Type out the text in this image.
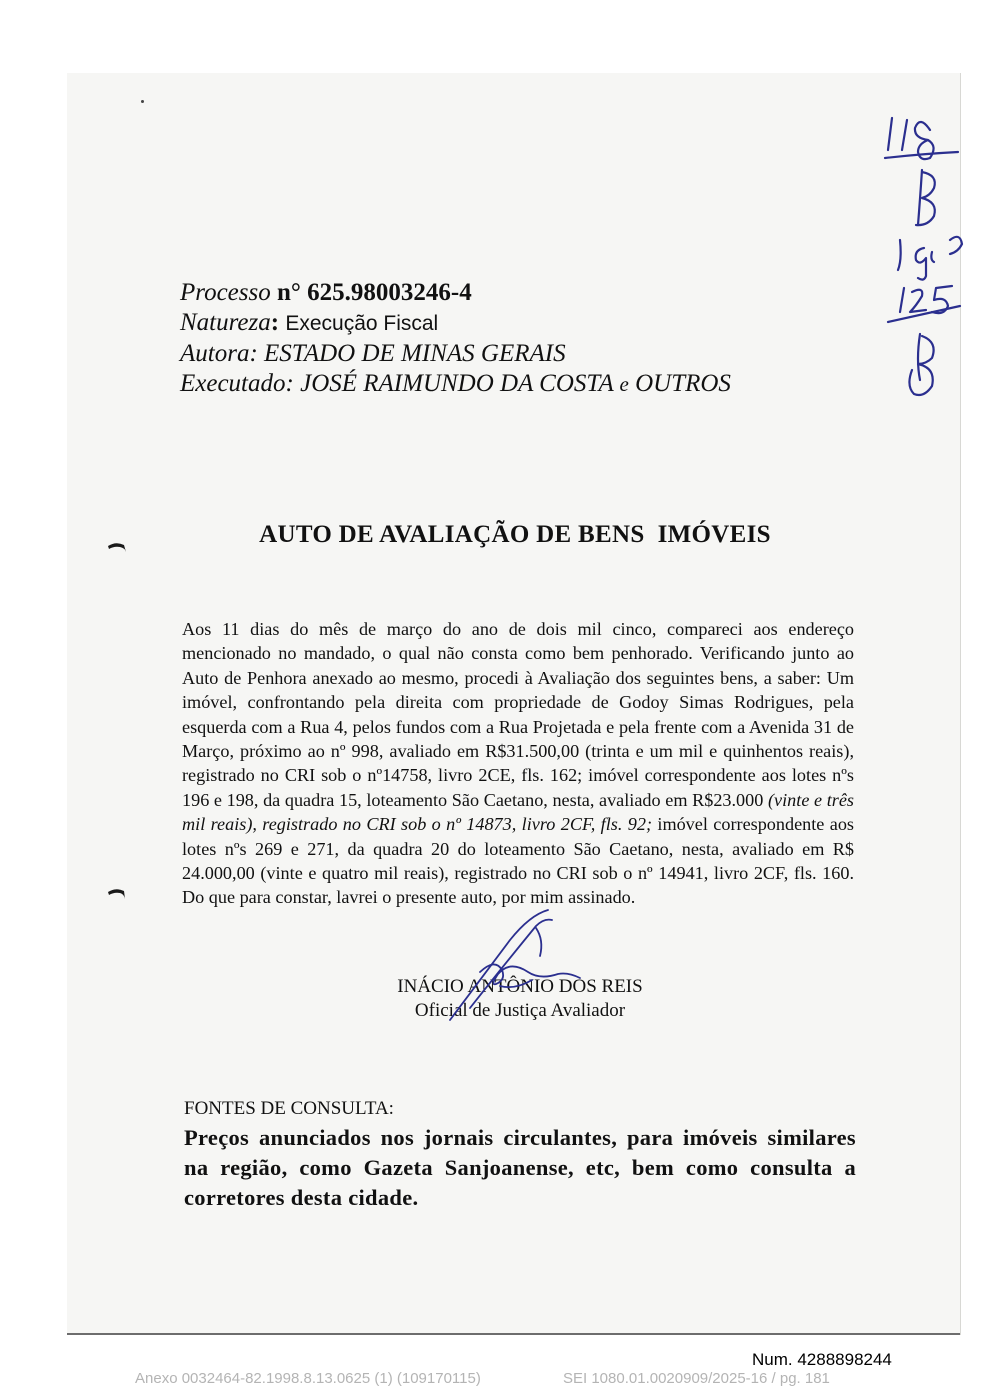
Processo n° 625.98003246-4
Natureza: Execução Fiscal
Autora: ESTADO DE MINAS GERAIS
Executado: JOSÉ RAIMUNDO DA COSTA e OUTROS
AUTO DE AVALIAÇÃO DE BENS  IMÓVEIS
Aos 11 dias do mês de março do ano de dois mil cinco, compareci aos endereço mencionado no mandado, o qual não consta como bem penhorado. Verificando junto ao Auto de Penhora anexado ao mesmo, procedi à Avaliação dos seguintes bens, a saber: Um imóvel, confrontando pela direita com propriedade de Godoy Simas Rodrigues, pela esquerda com a Rua 4, pelos fundos com a Rua Projetada e pela frente com a Avenida 31 de Março, próximo ao nº 998, avaliado em R$31.500,00 (trinta e um mil e quinhentos reais), registrado no CRI sob o nº14758, livro 2CE, fls. 162; imóvel correspondente aos lotes nºs 196 e 198, da quadra 15, loteamento São Caetano, nesta, avaliado em R$23.000 (vinte e três mil reais), registrado no CRI sob o nº 14873, livro 2CF, fls. 92; imóvel correspondente aos lotes nºs 269 e 271, da quadra 20 do loteamento São Caetano, nesta, avaliado em R$ 24.000,00 (vinte e quatro mil reais), registrado no CRI sob o nº 14941, livro 2CF, fls. 160. Do que para constar, lavrei o presente auto, por mim assinado.
INÁCIO ANTÔNIO DOS REIS
Oficial de Justiça Avaliador
FONTES DE CONSULTA:
Preços anunciados nos jornais circulantes, para imóveis similares na região, como Gazeta Sanjoanense, etc, bem como consulta a corretores desta cidade.
Num. 4288898244
Anexo 0032464-82.1998.8.13.0625 (1) (109170115)	SEI 1080.01.0020909/2025-16 / pg. 181
